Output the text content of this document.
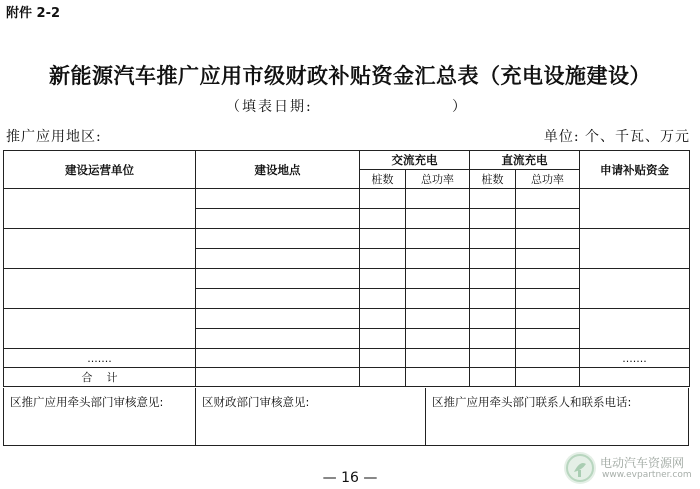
附件 2-2
新能源汽车推广应用市级财政补贴资金汇总表（充电设施建设）
（填表日期:	）
推广应用地区:	单位: 个、千瓦、万元
建设运营单位	建设地点	交流充电		直流充电		申请补贴资金
		桩数	总功率	桩数	总功率	

.......						.......
合    计						
区推广应用牵头部门审核意见:	区财政部门审核意见:	区推广应用牵头部门联系人和联系电话:
— 16 —
电动汽车资源网
www.evpartner.com
